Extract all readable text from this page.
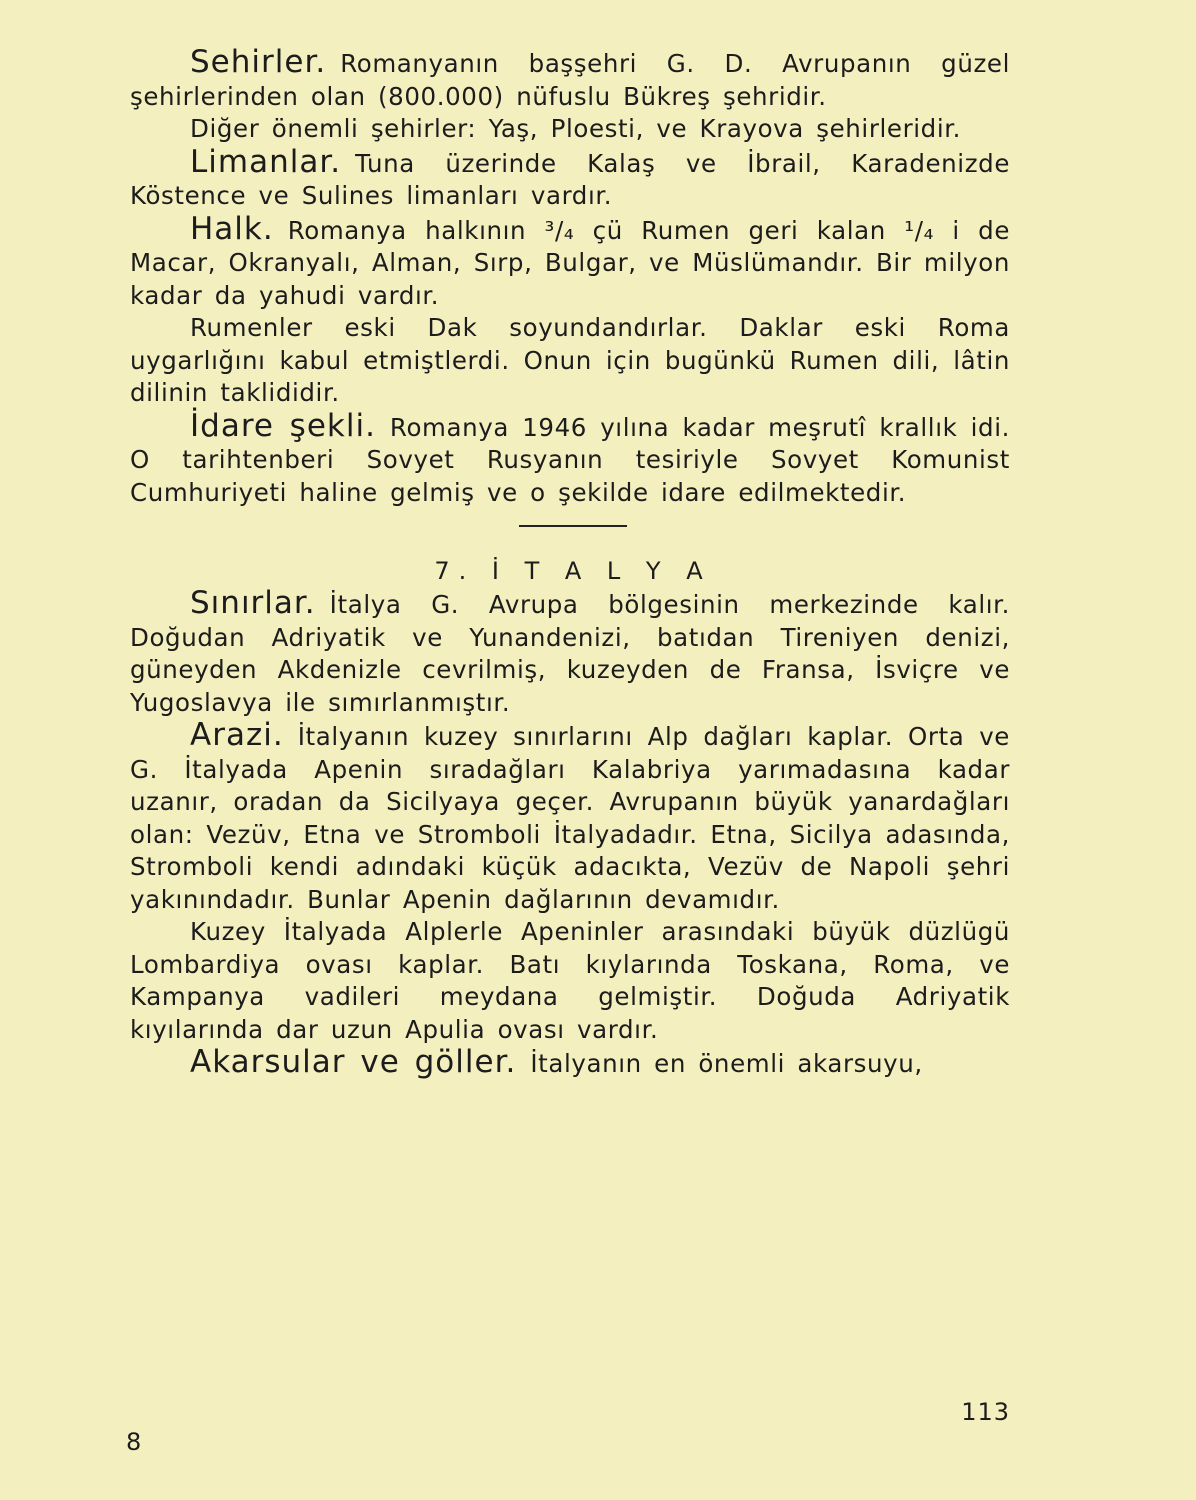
Sehirler. Romanyanın başşehri G. D. Avrupanın güzel şehirlerinden olan (800.000) nüfuslu Bükreş şehridir.

Diğer önemli şehirler: Yaş, Ploesti, ve Krayova şehirleridir.

Limanlar. Tuna üzerinde Kalaş ve İbrail, Karadenizde Köstence ve Sulines limanları vardır.

Halk. Romanya halkının ³/₄ çü Rumen geri kalan ¹/₄ i de Macar, Okranyalı, Alman, Sırp, Bulgar, ve Müslümandır. Bir milyon kadar da yahudi vardır.

Rumenler eski Dak soyundandırlar. Daklar eski Roma uygarlığını kabul etmiştlerdi. Onun için bugünkü Rumen dili, lâtin dilinin taklididir.

İdare şekli. Romanya 1946 yılına kadar meşrutî krallık idi. O tarihtenberi Sovyet Rusyanın tesiriyle Sovyet Komunist Cumhuriyeti haline gelmiş ve o şekilde idare edilmektedir.

7. İ T A L Y A

Sınırlar. İtalya G. Avrupa bölgesinin merkezinde kalır. Doğudan Adriyatik ve Yunandenizi, batıdan Tireniyen denizi, güneyden Akdenizle cevrilmiş, kuzeyden de Fransa, İsviçre ve Yugoslavya ile sımırlanmıştır.

Arazi. İtalyanın kuzey sınırlarını Alp dağları kaplar. Orta ve G. İtalyada Apenin sıradağları Kalabriya yarımadasına kadar uzanır, oradan da Sicilyaya geçer. Avrupanın büyük yanardağları olan: Vezüv, Etna ve Stromboli İtalyadadır. Etna, Sicilya adasında, Stromboli kendi adındaki küçük adacıkta, Vezüv de Napoli şehri yakınındadır. Bunlar Apenin dağlarının devamıdır.

Kuzey İtalyada Alplerle Apeninler arasındaki büyük düzlügü Lombardiya ovası kaplar. Batı kıylarında Toskana, Roma, ve Kampanya vadileri meydana gelmiştir. Doğuda Adriyatik kıyılarında dar uzun Apulia ovası vardır.

Akarsular ve göller. İtalyanın en önemli akarsuyu,

113
8
